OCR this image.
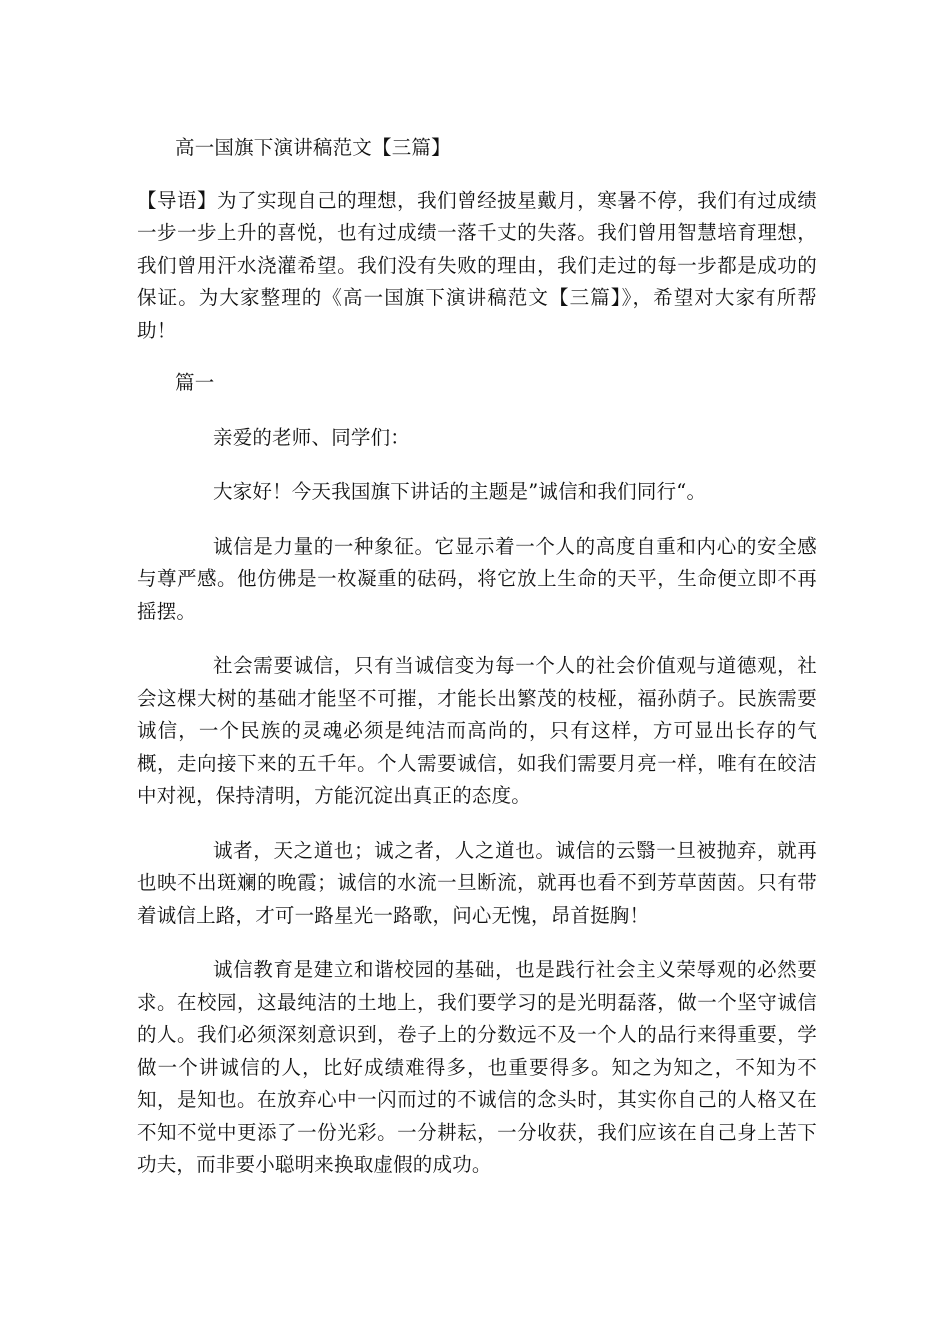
高一国旗下演讲稿范文【三篇】

【导语】为了实现自己的理想，我们曾经披星戴月，寒暑不停，我们有过成绩一步一步上升的喜悦，也有过成绩一落千丈的失落。我们曾用智慧培育理想，我们曾用汗水浇灌希望。我们没有失败的理由，我们走过的每一步都是成功的保证。为大家整理的《高一国旗下演讲稿范文【三篇】》，希望对大家有所帮助！

篇一

亲爱的老师、同学们：

大家好！今天我国旗下讲话的主题是”诚信和我们同行“。

诚信是力量的一种象征。它显示着一个人的高度自重和内心的安全感与尊严感。他仿佛是一枚凝重的砝码，将它放上生命的天平，生命便立即不再摇摆。

社会需要诚信，只有当诚信变为每一个人的社会价值观与道德观，社会这棵大树的基础才能坚不可摧，才能长出繁茂的枝桠，福孙荫子。民族需要诚信，一个民族的灵魂必须是纯洁而高尚的，只有这样，方可显出长存的气概，走向接下来的五千年。个人需要诚信，如我们需要月亮一样，唯有在皎洁中对视，保持清明，方能沉淀出真正的态度。

诚者，天之道也；诚之者，人之道也。诚信的云翳一旦被抛弃，就再也映不出斑斓的晚霞；诚信的水流一旦断流，就再也看不到芳草茵茵。只有带着诚信上路，才可一路星光一路歌，问心无愧，昂首挺胸！

诚信教育是建立和谐校园的基础，也是践行社会主义荣辱观的必然要求。在校园，这最纯洁的土地上，我们要学习的是光明磊落，做一个坚守诚信的人。我们必须深刻意识到，卷子上的分数远不及一个人的品行来得重要，学做一个讲诚信的人，比好成绩难得多，也重要得多。知之为知之，不知为不知，是知也。在放弃心中一闪而过的不诚信的念头时，其实你自己的人格又在不知不觉中更添了一份光彩。一分耕耘，一分收获，我们应该在自己身上苦下功夫，而非要小聪明来换取虚假的成功。
